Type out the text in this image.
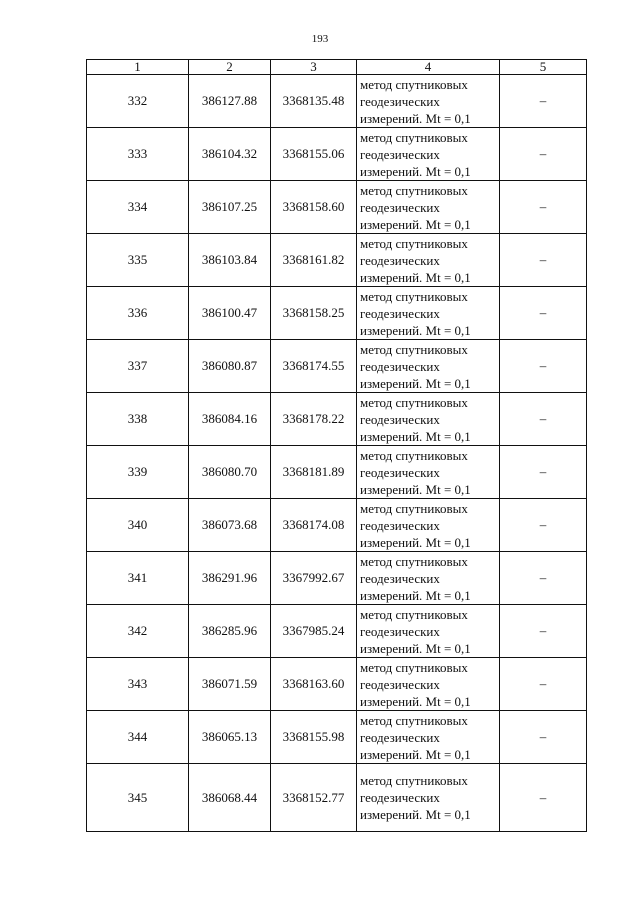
193
1	2	3	4	5
332	386127.88	3368135.48	метод спутниковых
геодезических
измерений. Mt = 0,1	–
333	386104.32	3368155.06	метод спутниковых
геодезических
измерений. Mt = 0,1	–
334	386107.25	3368158.60	метод спутниковых
геодезических
измерений. Mt = 0,1	–
335	386103.84	3368161.82	метод спутниковых
геодезических
измерений. Mt = 0,1	–
336	386100.47	3368158.25	метод спутниковых
геодезических
измерений. Mt = 0,1	–
337	386080.87	3368174.55	метод спутниковых
геодезических
измерений. Mt = 0,1	–
338	386084.16	3368178.22	метод спутниковых
геодезических
измерений. Mt = 0,1	–
339	386080.70	3368181.89	метод спутниковых
геодезических
измерений. Mt = 0,1	–
340	386073.68	3368174.08	метод спутниковых
геодезических
измерений. Mt = 0,1	–
341	386291.96	3367992.67	метод спутниковых
геодезических
измерений. Mt = 0,1	–
342	386285.96	3367985.24	метод спутниковых
геодезических
измерений. Mt = 0,1	–
343	386071.59	3368163.60	метод спутниковых
геодезических
измерений. Mt = 0,1	–
344	386065.13	3368155.98	метод спутниковых
геодезических
измерений. Mt = 0,1	–
345	386068.44	3368152.77	метод спутниковых
геодезических
измерений. Mt = 0,1	–
